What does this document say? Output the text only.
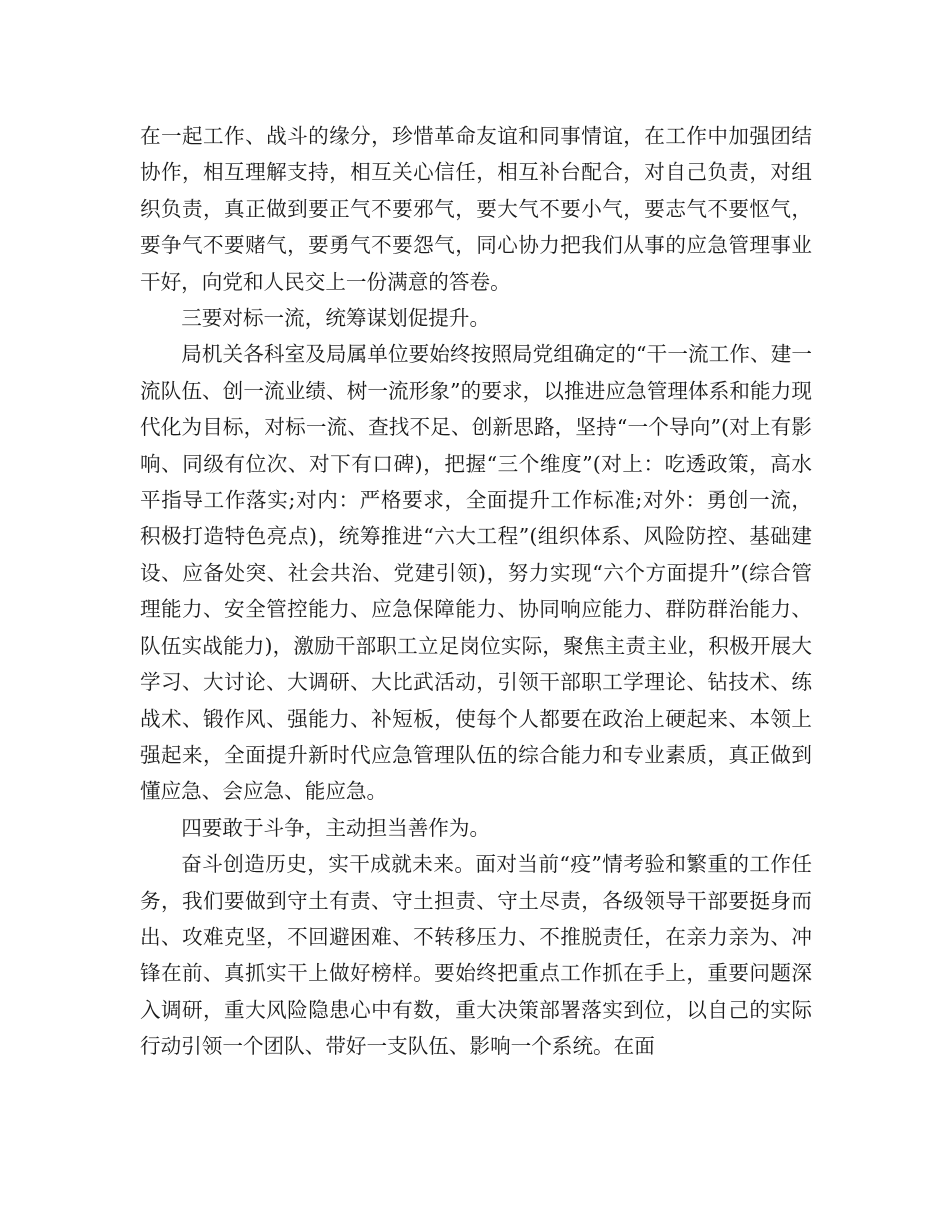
在一起工作、战斗的缘分，珍惜革命友谊和同事情谊，在工作中加强团结协作，相互理解支持，相互关心信任，相互补台配合，对自己负责，对组织负责，真正做到要正气不要邪气，要大气不要小气，要志气不要怄气，要争气不要赌气，要勇气不要怨气，同心协力把我们从事的应急管理事业干好，向党和人民交上一份满意的答卷。

三要对标一流，统筹谋划促提升。

局机关各科室及局属单位要始终按照局党组确定的“干一流工作、建一流队伍、创一流业绩、树一流形象”的要求，以推进应急管理体系和能力现代化为目标，对标一流、查找不足、创新思路，坚持“一个导向”(对上有影响、同级有位次、对下有口碑)，把握“三个维度”(对上：吃透政策，高水平指导工作落实;对内：严格要求，全面提升工作标准;对外：勇创一流，积极打造特色亮点)，统筹推进“六大工程”(组织体系、风险防控、基础建设、应备处突、社会共治、党建引领)，努力实现“六个方面提升”(综合管理能力、安全管控能力、应急保障能力、协同响应能力、群防群治能力、队伍实战能力)，激励干部职工立足岗位实际，聚焦主责主业，积极开展大学习、大讨论、大调研、大比武活动，引领干部职工学理论、钻技术、练战术、锻作风、强能力、补短板，使每个人都要在政治上硬起来、本领上强起来，全面提升新时代应急管理队伍的综合能力和专业素质，真正做到懂应急、会应急、能应急。

四要敢于斗争，主动担当善作为。

奋斗创造历史，实干成就未来。面对当前“疫”情考验和繁重的工作任务，我们要做到守土有责、守土担责、守土尽责，各级领导干部要挺身而出、攻难克坚，不回避困难、不转移压力、不推脱责任，在亲力亲为、冲锋在前、真抓实干上做好榜样。要始终把重点工作抓在手上，重要问题深入调研，重大风险隐患心中有数，重大决策部署落实到位，以自己的实际行动引领一个团队、带好一支队伍、影响一个系统。在面
